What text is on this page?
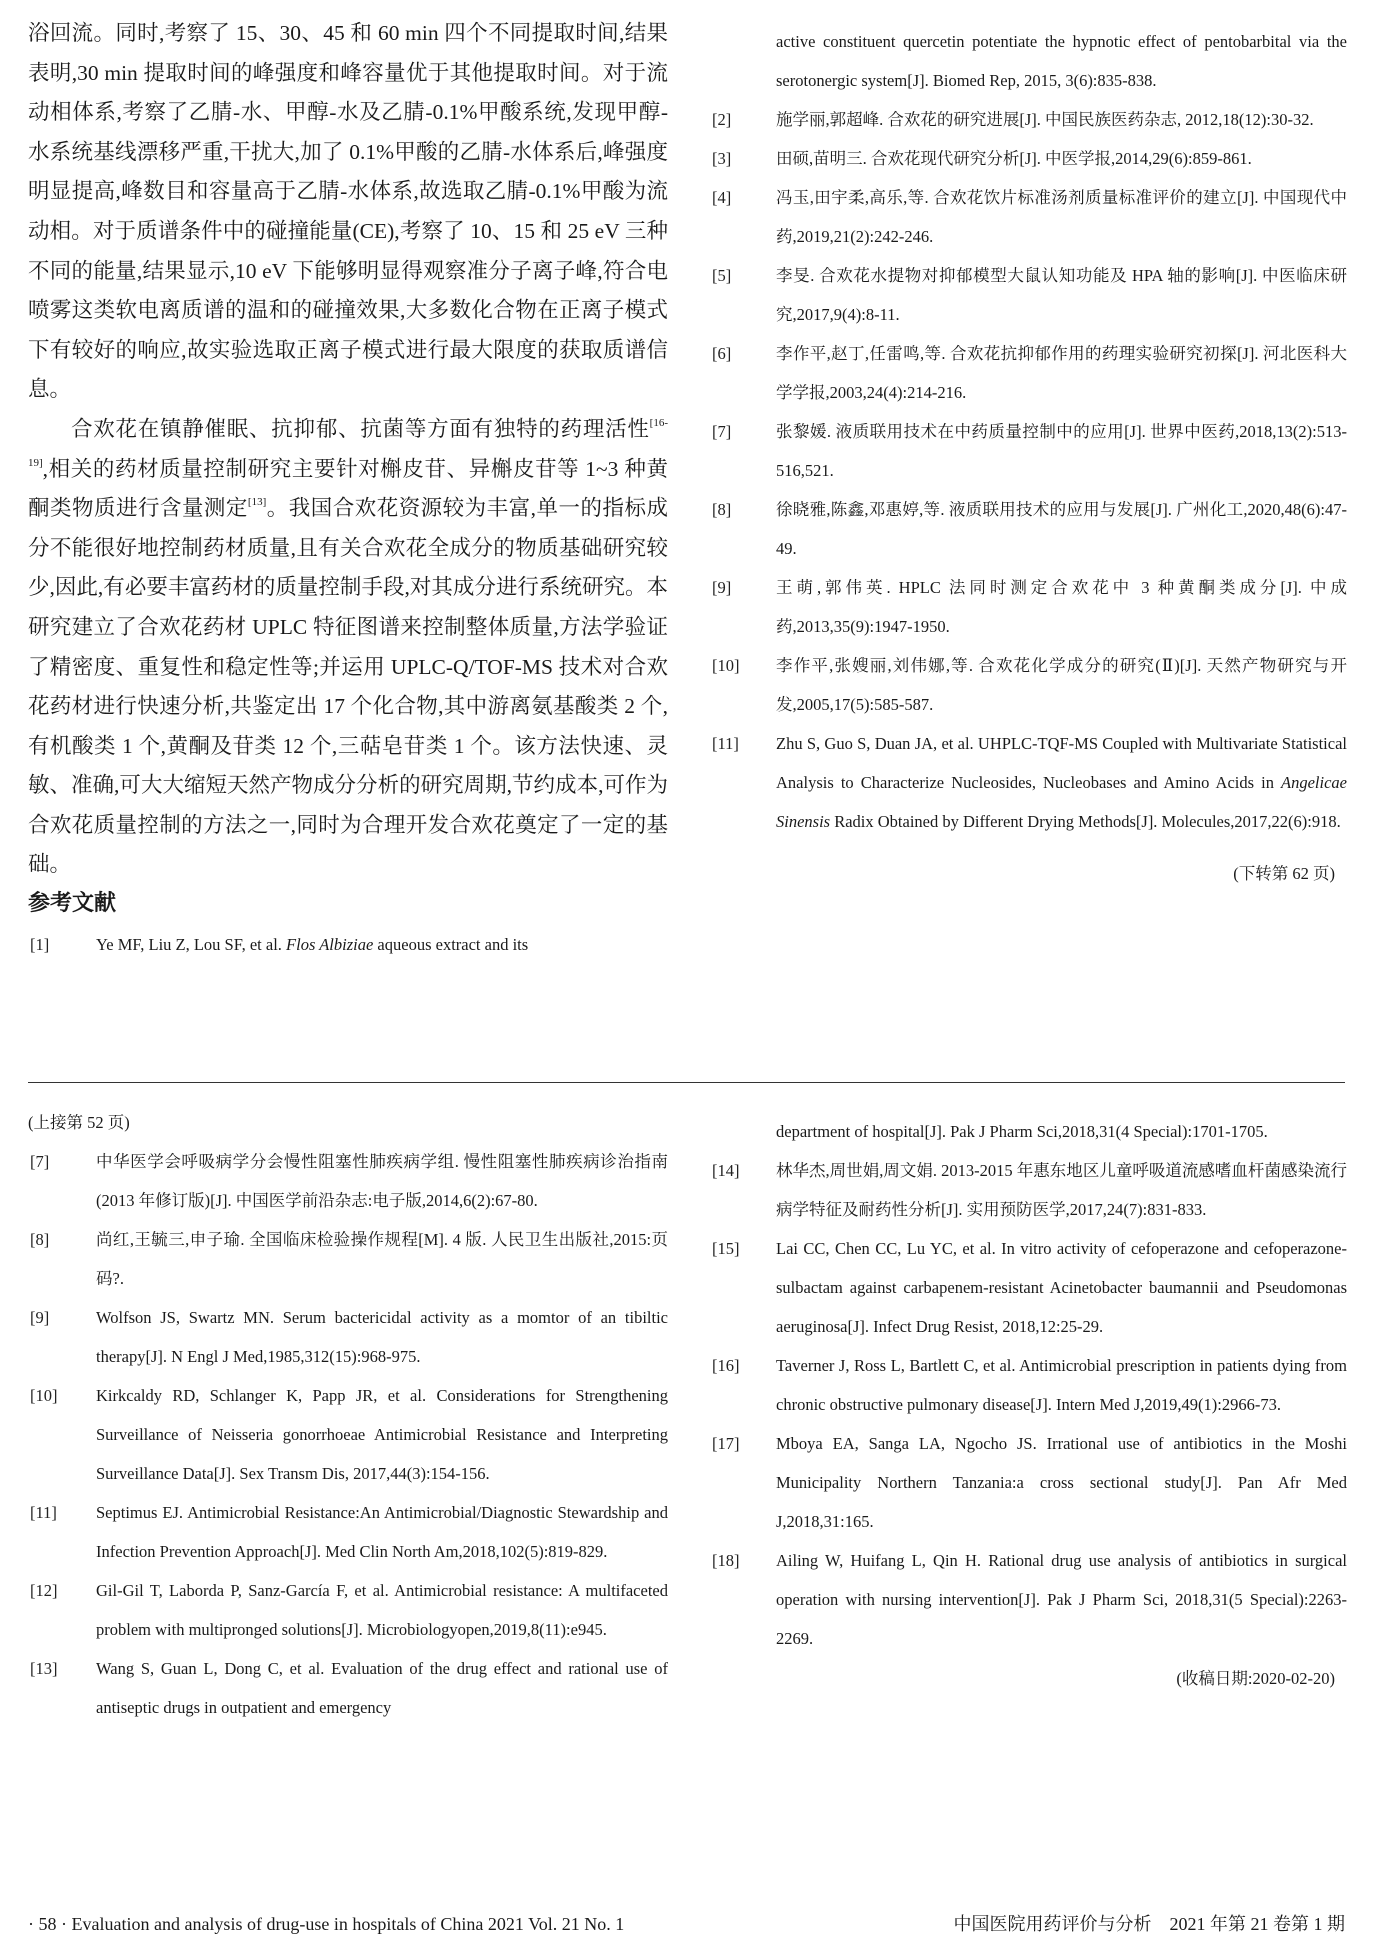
浴回流。同时,考察了 15、30、45 和 60 min 四个不同提取时间,结果表明,30 min 提取时间的峰强度和峰容量优于其他提取时间。对于流动相体系,考察了乙腈-水、甲醇-水及乙腈-0.1%甲酸系统,发现甲醇-水系统基线漂移严重,干扰大,加了 0.1%甲酸的乙腈-水体系后,峰强度明显提高,峰数目和容量高于乙腈-水体系,故选取乙腈-0.1%甲酸为流动相。对于质谱条件中的碰撞能量(CE),考察了 10、15 和 25 eV 三种不同的能量,结果显示,10 eV 下能够明显得观察准分子离子峰,符合电喷雾这类软电离质谱的温和的碰撞效果,大多数化合物在正离子模式下有较好的响应,故实验选取正离子模式进行最大限度的获取质谱信息。

合欢花在镇静催眠、抗抑郁、抗菌等方面有独特的药理活性[16-19],相关的药材质量控制研究主要针对槲皮苷、异槲皮苷等 1~3 种黄酮类物质进行含量测定[13]。我国合欢花资源较为丰富,单一的指标成分不能很好地控制药材质量,且有关合欢花全成分的物质基础研究较少,因此,有必要丰富药材的质量控制手段,对其成分进行系统研究。本研究建立了合欢花药材 UPLC 特征图谱来控制整体质量,方法学验证了精密度、重复性和稳定性等;并运用 UPLC-Q/TOF-MS 技术对合欢花药材进行快速分析,共鉴定出 17 个化合物,其中游离氨基酸类 2 个,有机酸类 1 个,黄酮及苷类 12 个,三萜皂苷类 1 个。该方法快速、灵敏、准确,可大大缩短天然产物成分分析的研究周期,节约成本,可作为合欢花质量控制的方法之一,同时为合理开发合欢花奠定了一定的基础。

参考文献
[1]	Ye MF, Liu Z, Lou SF, et al. Flos Albiziae aqueous extract and its
active constituent quercetin potentiate the hypnotic effect of pentobarbital via the serotonergic system[J]. Biomed Rep, 2015, 3(6):835-838.
[2]	施学丽,郭超峰. 合欢花的研究进展[J]. 中国民族医药杂志, 2012,18(12):30-32.
[3]	田硕,苗明三. 合欢花现代研究分析[J]. 中医学报,2014,29(6):859-861.
[4]	冯玉,田宇柔,高乐,等. 合欢花饮片标准汤剂质量标准评价的建立[J]. 中国现代中药,2019,21(2):242-246.
[5]	李旻. 合欢花水提物对抑郁模型大鼠认知功能及 HPA 轴的影响[J]. 中医临床研究,2017,9(4):8-11.
[6]	李作平,赵丁,任雷鸣,等. 合欢花抗抑郁作用的药理实验研究初探[J]. 河北医科大学学报,2003,24(4):214-216.
[7]	张黎媛. 液质联用技术在中药质量控制中的应用[J]. 世界中医药,2018,13(2):513-516,521.
[8]	徐晓雅,陈鑫,邓惠婷,等. 液质联用技术的应用与发展[J]. 广州化工,2020,48(6):47-49.
[9]	王萌,郭伟英. HPLC 法同时测定合欢花中 3 种黄酮类成分[J]. 中成药,2013,35(9):1947-1950.
[10]	李作平,张嫂丽,刘伟娜,等. 合欢花化学成分的研究(Ⅱ)[J]. 天然产物研究与开发,2005,17(5):585-587.
[11]	Zhu S, Guo S, Duan JA, et al. UHPLC-TQF-MS Coupled with Multivariate Statistical Analysis to Characterize Nucleosides, Nucleobases and Amino Acids in Angelicae Sinensis Radix Obtained by Different Drying Methods[J]. Molecules,2017,22(6):918.
(下转第 62 页)
(上接第 52 页)
[7]	中华医学会呼吸病学分会慢性阻塞性肺疾病学组. 慢性阻塞性肺疾病诊治指南(2013 年修订版)[J]. 中国医学前沿杂志:电子版,2014,6(2):67-80.
[8]	尚红,王毓三,申子瑜. 全国临床检验操作规程[M]. 4 版. 人民卫生出版社,2015:页码?.
[9]	Wolfson JS, Swartz MN. Serum bactericidal activity as a momtor of an tibiltic therapy[J]. N Engl J Med,1985,312(15):968-975.
[10]	Kirkcaldy RD, Schlanger K, Papp JR, et al. Considerations for Strengthening Surveillance of Neisseria gonorrhoeae Antimicrobial Resistance and Interpreting Surveillance Data[J]. Sex Transm Dis, 2017,44(3):154-156.
[11]	Septimus EJ. Antimicrobial Resistance:An Antimicrobial/Diagnostic Stewardship and Infection Prevention Approach[J]. Med Clin North Am,2018,102(5):819-829.
[12]	Gil-Gil T, Laborda P, Sanz-García F, et al. Antimicrobial resistance: A multifaceted problem with multipronged solutions[J]. Microbiologyopen,2019,8(11):e945.
[13]	Wang S, Guan L, Dong C, et al. Evaluation of the drug effect and rational use of antiseptic drugs in outpatient and emergency
department of hospital[J]. Pak J Pharm Sci,2018,31(4 Special):1701-1705.
[14]	林华杰,周世娟,周文娟. 2013-2015 年惠东地区儿童呼吸道流感嗜血杆菌感染流行病学特征及耐药性分析[J]. 实用预防医学,2017,24(7):831-833.
[15]	Lai CC, Chen CC, Lu YC, et al. In vitro activity of cefoperazone and cefoperazone-sulbactam against carbapenem-resistant Acinetobacter baumannii and Pseudomonas aeruginosa[J]. Infect Drug Resist, 2018,12:25-29.
[16]	Taverner J, Ross L, Bartlett C, et al. Antimicrobial prescription in patients dying from chronic obstructive pulmonary disease[J]. Intern Med J,2019,49(1):2966-73.
[17]	Mboya EA, Sanga LA, Ngocho JS. Irrational use of antibiotics in the Moshi Municipality Northern Tanzania:a cross sectional study[J]. Pan Afr Med J,2018,31:165.
[18]	Ailing W, Huifang L, Qin H. Rational drug use analysis of antibiotics in surgical operation with nursing intervention[J]. Pak J Pharm Sci, 2018,31(5 Special):2263-2269.
(收稿日期:2020-02-20)
· 58 · Evaluation and analysis of drug-use in hospitals of China 2021 Vol. 21 No. 1	中国医院用药评价与分析 2021 年第 21 卷第 1 期
